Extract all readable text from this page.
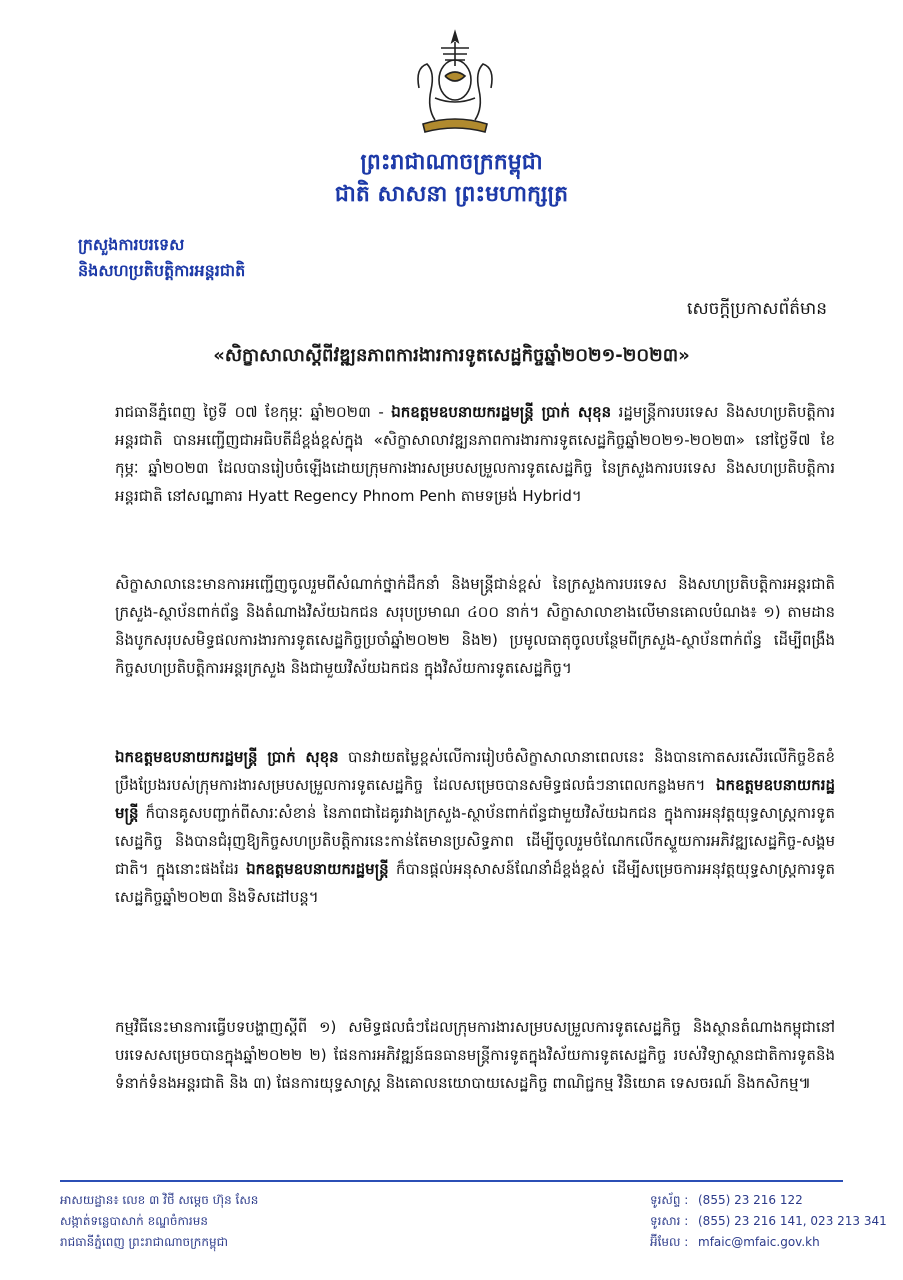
ព្រះរាជាណាចក្រកម្ពុជា
ជាតិ សាសនា ព្រះមហាក្សត្រ
ក្រសួងការបរទេស
និងសហប្រតិបត្តិការអន្តរជាតិ
សេចក្តីប្រកាសព័ត៌មាន
«សិក្ខាសាលាស្តីពីវឌ្ឍនភាពការងារការទូតសេដ្ឋកិច្ចឆ្នាំ២០២១-២០២៣»
រាជធានីភ្នំពេញ ថ្ងៃទី ០៧ ខែកុម្ភៈ ឆ្នាំ២០២៣ - ឯកឧត្តមឧបនាយករដ្ឋមន្ត្រី ប្រាក់ សុខុន រដ្ឋមន្ត្រីការបរទេស និងសហប្រតិបត្តិការអន្តរជាតិ បានអញ្ជើញជាអធិបតីដ៏ខ្ពង់ខ្ពស់ក្នុង «សិក្ខាសាលាវឌ្ឍនភាពការងារការទូតសេដ្ឋកិច្ចឆ្នាំ២០២១-២០២៣» នៅថ្ងៃទី៧ ខែកុម្ភៈ ឆ្នាំ២០២៣ ដែលបានរៀបចំឡើងដោយក្រុមការងារសម្របសម្រួលការទូតសេដ្ឋកិច្ច នៃក្រសួងការបរទេស និងសហប្រតិបត្តិការអន្តរជាតិ នៅសណ្ឋាគារ Hyatt Regency Phnom Penh តាមទម្រង់ Hybrid។
សិក្ខាសាលានេះមានការអញ្ជើញចូលរួមពីសំណាក់ថ្នាក់ដឹកនាំ និងមន្ត្រីជាន់ខ្ពស់ នៃក្រសួងការបរទេស និងសហប្រតិបត្តិការអន្តរជាតិ ក្រសួង-ស្ថាប័នពាក់ព័ន្ធ និងតំណាងវិស័យឯកជន សរុបប្រមាណ ៤០០ នាក់។ សិក្ខាសាលាខាងលើមានគោលបំណង៖ ១) តាមដាន និងបូកសរុបសមិទ្ធផលការងារការទូតសេដ្ឋកិច្ចប្រចាំឆ្នាំ២០២២ និង២) ប្រមូលធាតុចូលបន្ថែមពីក្រសួង-ស្ថាប័នពាក់ព័ន្ធ ដើម្បីពង្រឹងកិច្ចសហប្រតិបត្តិការអន្តរក្រសួង និងជាមួយវិស័យឯកជន ក្នុងវិស័យការទូតសេដ្ឋកិច្ច។
ឯកឧត្តមឧបនាយករដ្ឋមន្ត្រី ប្រាក់ សុខុន បានវាយតម្លៃខ្ពស់លើការរៀបចំសិក្ខាសាលានាពេលនេះ និងបានកោតសរសើរលើកិច្ចខិតខំប្រឹងប្រែងរបស់ក្រុមការងារសម្របសម្រួលការទូតសេដ្ឋកិច្ច ដែលសម្រេចបានសមិទ្ធផលធំៗនាពេលកន្លងមក។ ឯកឧត្តមឧបនាយករដ្ឋមន្ត្រី ក៏បានគូសបញ្ជាក់ពីសារៈសំខាន់ នៃភាពជាដៃគូរវាងក្រសួង-ស្ថាប័នពាក់ព័ន្ធជាមួយវិស័យឯកជន ក្នុងការអនុវត្តយុទ្ធសាស្ត្រការទូតសេដ្ឋកិច្ច និងបានជំរុញឱ្យកិច្ចសហប្រតិបត្តិការនេះកាន់តែមានប្រសិទ្ធភាព ដើម្បីចូលរួមចំណែកលើកស្ទួយការអភិវឌ្ឍសេដ្ឋកិច្ច-សង្គមជាតិ។ ក្នុងនោះផងដែរ ឯកឧត្តមឧបនាយករដ្ឋមន្ត្រី ក៏បានផ្តល់អនុសាសន៍ណែនាំដ៏ខ្ពង់ខ្ពស់ ដើម្បីសម្រេចការអនុវត្តយុទ្ធសាស្ត្រការទូតសេដ្ឋកិច្ចឆ្នាំ២០២៣ និងទិសដៅបន្ត។
កម្មវិធីនេះមានការធ្វើបទបង្ហាញស្តីពី ១) សមិទ្ធផលធំៗដែលក្រុមការងារសម្របសម្រួលការទូតសេដ្ឋកិច្ច និងស្ថានតំណាងកម្ពុជានៅបរទេសសម្រេចបានក្នុងឆ្នាំ២០២២ ២) ផែនការអភិវឌ្ឍន៍ធនធានមន្ត្រីការទូតក្នុងវិស័យការទូតសេដ្ឋកិច្ច របស់វិទ្យាស្ថានជាតិការទូតនិងទំនាក់ទំនងអន្តរជាតិ និង ៣) ផែនការយុទ្ធសាស្ត្រ និងគោលនយោបាយសេដ្ឋកិច្ច ពាណិជ្ជកម្ម វិនិយោគ ទេសចរណ៍ និងកសិកម្ម៕
អាសយដ្ឋាន៖ លេខ ៣ វិថី សម្តេច ហ៊ុន សែន
សង្កាត់ទន្លេបាសាក់ ខណ្ឌចំការមន
រាជធានីភ្នំពេញ ព្រះរាជាណាចក្រកម្ពុជា
ទូរស័ព្ទ : (855) 23 216 122
ទូរសារ : (855) 23 216 141, 023 213 341
អ៊ីមែល : mfaic@mfaic.gov.kh
